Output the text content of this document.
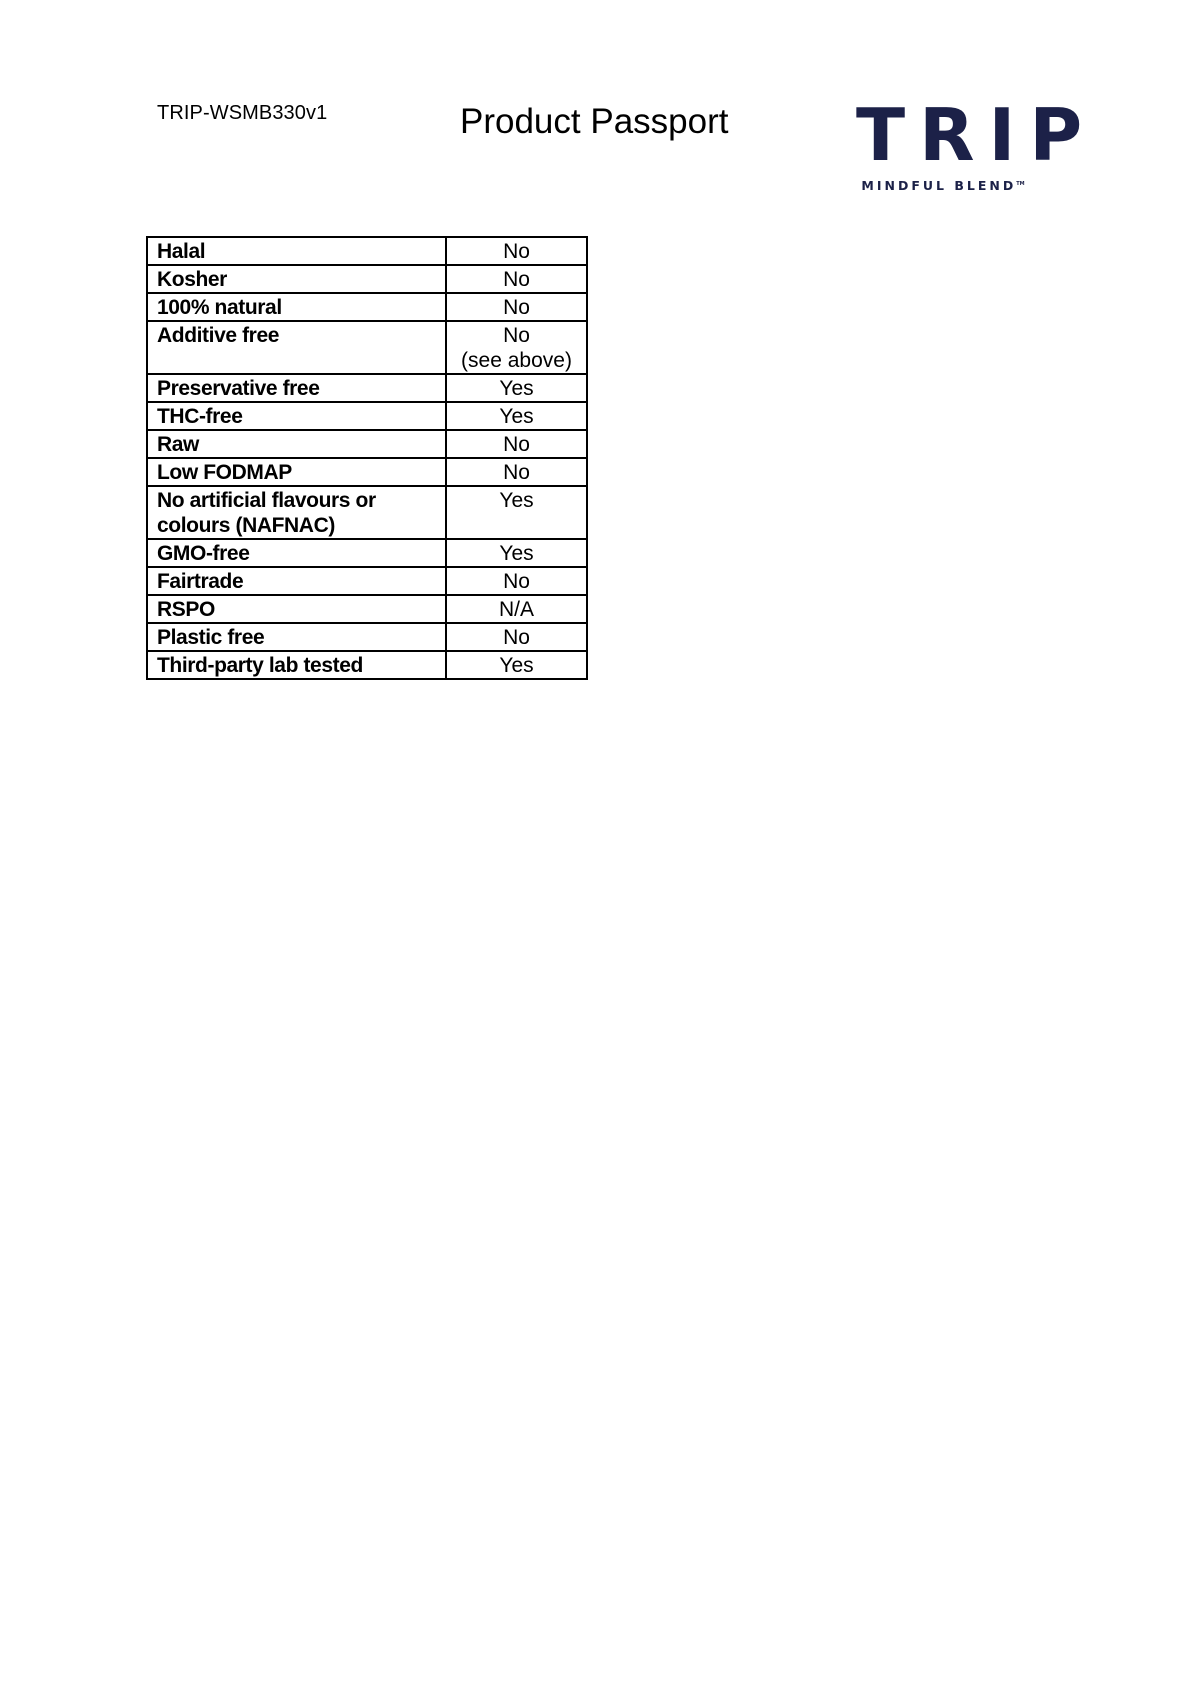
TRIP-WSMB330v1	Product Passport TRIP
MINDFUL BLEND™
Halal	No
Kosher	No
100% natural	No
Additive free	No
(see above)

Preservative free	Yes
THC-free	Yes
Raw	No
Low FODMAP	No

No artificial flavours or
colours (NAFNAC)	Yes
GMO-free	Yes
Fairtrade	No
RSPO	N/A
Plastic free	No
Third-party lab tested	Yes
